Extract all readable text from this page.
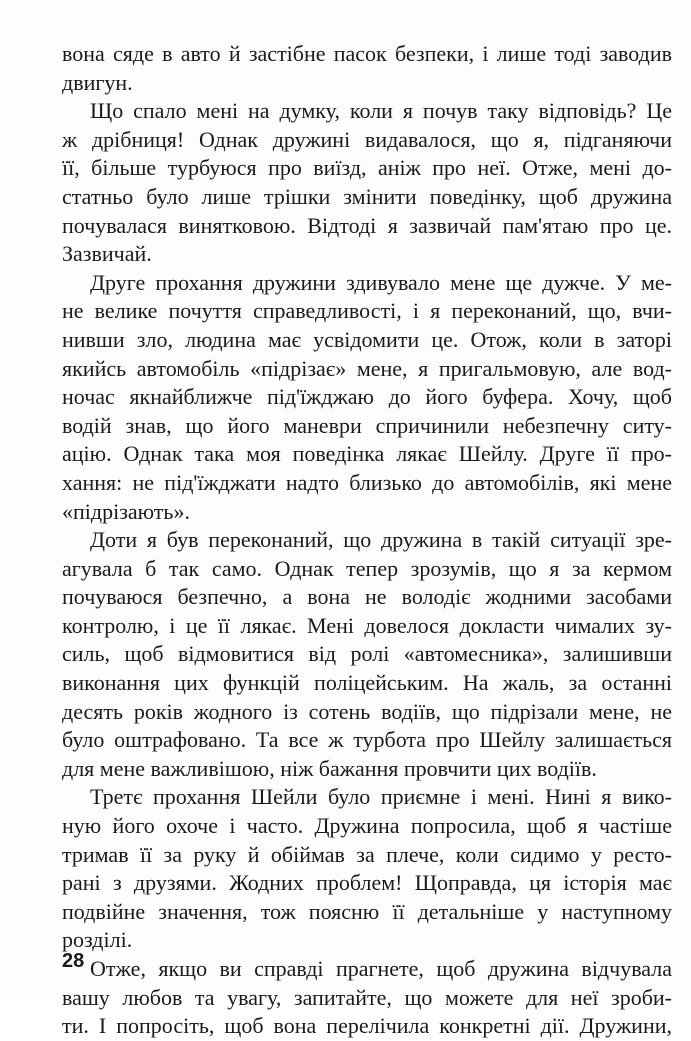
вона сяде в авто й застібне пасок безпеки, і лише тоді заводив
двигун.
Що спало мені на думку, коли я почув таку відповідь? Це
ж дрібниця! Однак дружині видавалося, що я, підганяючи
її, більше турбуюся про виїзд, аніж про неї. Отже, мені до-
статньо було лише трішки змінити поведінку, щоб дружина
почувалася винятковою. Відтоді я зазвичай пам'ятаю про це.
Зазвичай.
Друге прохання дружини здивувало мене ще дужче. У ме-
не велике почуття справедливості, і я переконаний, що, вчи-
нивши зло, людина має усвідомити це. Отож, коли в заторі
якийсь автомобіль «підрізає» мене, я пригальмовую, але вод-
ночас якнайближче під'їжджаю до його буфера. Хочу, щоб
водій знав, що його маневри спричинили небезпечну ситу-
ацію. Однак така моя поведінка лякає Шейлу. Друге її про-
хання: не під'їжджати надто близько до автомобілів, які мене
«підрізають».
Доти я був переконаний, що дружина в такій ситуації зре-
агувала б так само. Однак тепер зрозумів, що я за кермом
почуваюся безпечно, а вона не володіє жодними засобами
контролю, і це її лякає. Мені довелося докласти чималих зу-
силь, щоб відмовитися від ролі «автомесника», залишивши
виконання цих функцій поліцейським. На жаль, за останні
десять років жодного із сотень водіїв, що підрізали мене, не
було оштрафовано. Та все ж турбота про Шейлу залишається
для мене важливішою, ніж бажання провчити цих водіїв.
Третє прохання Шейли було приємне і мені. Нині я вико-
ную його охоче і часто. Дружина попросила, щоб я частіше
тримав її за руку й обіймав за плече, коли сидимо у ресто-
рані з друзями. Жодних проблем! Щоправда, ця історія має
подвійне значення, тож поясню її детальніше у наступному
розділі.
Отже, якщо ви справді прагнете, щоб дружина відчувала
вашу любов та увагу, запитайте, що можете для неї зроби-
ти. І попросіть, щоб вона перелічила конкретні дії. Дружини,
28
